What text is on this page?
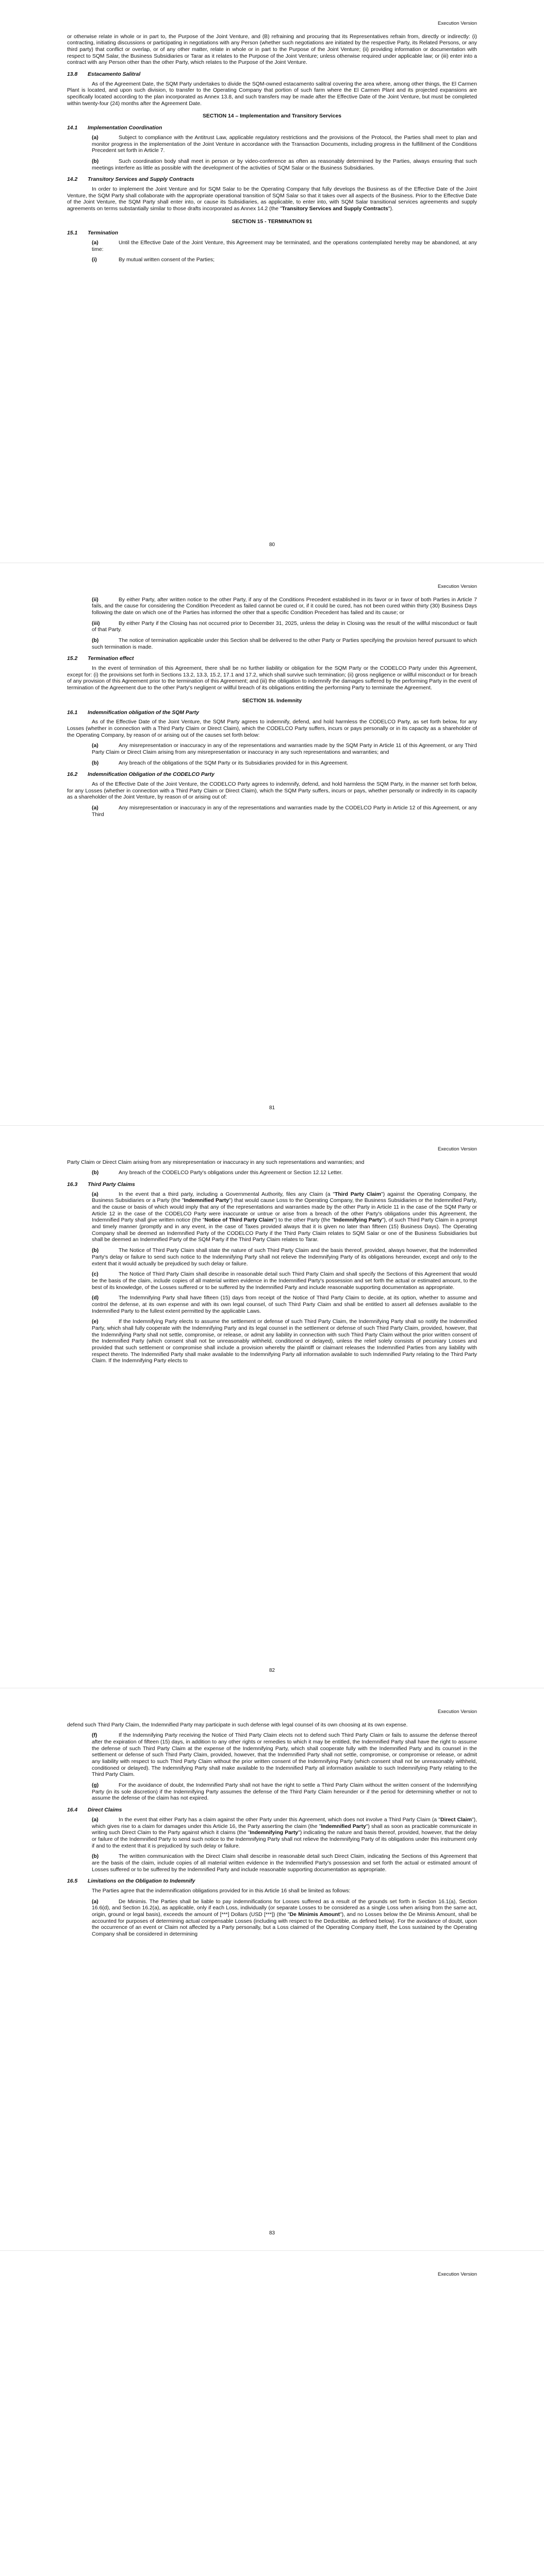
Execution Version

or otherwise relate in whole or in part to, the Purpose of the Joint Venture, and (B) refraining and procuring that its Representatives refrain from, directly or indirectly: (i) contracting, initiating discussions or participating in negotiations with any Person (whether such negotiations are initiated by the respective Party, its Related Persons, or any third party) that conflict or overlap, or of any other matter, relate in whole or in part to the Purpose of the Joint Venture; (ii) providing information or documentation with respect to SQM Salar, the Business Subsidiaries or Tarar as it relates to the Purpose of the Joint Venture; unless otherwise required under applicable law; or (iii) enter into a contract with any Person other than the other Party, which relates to the Purpose of the Joint Venture.

13.8 Estacamento Salitral

As of the Agreement Date, the SQM Party undertakes to divide the SQM-owned estacamento salitral covering the area where, among other things, the El Carmen Plant is located, and upon such division, to transfer to the Operating Company that portion of such farm where the El Carmen Plant and its projected expansions are specifically located according to the plan incorporated as Annex 13.8, and such transfers may be made after the Effective Date of the Joint Venture, but must be completed within twenty-four (24) months after the Agreement Date.

SECTION 14 – Implementation and Transitory Services
14.1 Implementation Coordination

(a)	Subject to compliance with the Antitrust Law, applicable regulatory restrictions and the provisions of the Protocol, the Parties shall meet to plan and monitor progress in the implementation of the Joint Venture in accordance with the Transaction Documents, including progress in the fulfillment of the Conditions Precedent set forth in Article 7.

(b)	Such coordination body shall meet in person or by video-conference as often as reasonably determined by the Parties, always ensuring that such meetings interfere as little as possible with the development of the activities of SQM Salar or the Business Subsidiaries.

14.2 Transitory Services and Supply Contracts

In order to implement the Joint Venture and for SQM Salar to be the Operating Company that fully develops the Business as of the Effective Date of the Joint Venture, the SQM Party shall collaborate with the appropriate operational transition of SQM Salar so that it takes over all aspects of the Business. Prior to the Effective Date of the Joint Venture, the SQM Party shall enter into, or cause its Subsidiaries, as applicable, to enter into, with SQM Salar transitional services agreements and supply agreements on terms substantially similar to those drafts incorporated as Annex 14.2 (the "Transitory Services and Supply Contracts").

SECTION 15 - TERMINATION 91
15.1 Termination

(a)	Until the Effective Date of the Joint Venture, this Agreement may be terminated, and the operations contemplated hereby may be abandoned, at any time:

(i)	By mutual written consent of the Parties;

80
Execution Version

(ii)	By either Party, after written notice to the other Party, if any of the Conditions Precedent established in its favor or in favor of both Parties in Article 7 fails, and the cause for considering the Condition Precedent as failed cannot be cured or, if it could be cured, has not been cured within thirty (30) Business Days following the date on which one of the Parties has informed the other that a specific Condition Precedent has failed and its cause; or

(iii)	By either Party if the Closing has not occurred prior to December 31, 2025, unless the delay in Closing was the result of the willful misconduct or fault of that Party.

(b)	The notice of termination applicable under this Section shall be delivered to the other Party or Parties specifying the provision hereof pursuant to which such termination is made.

15.2 Termination effect

In the event of termination of this Agreement, there shall be no further liability or obligation for the SQM Party or the CODELCO Party under this Agreement, except for: (i) the provisions set forth in Sections 13.2, 13.3, 15.2, 17.1 and 17.2, which shall survive such termination; (ii) gross negligence or willful misconduct or for breach of any provision of this Agreement prior to the termination of this Agreement; and (iii) the obligation to indemnify the damages suffered by the performing Party in the event of termination of the Agreement due to the other Party's negligent or willful breach of its obligations entitling the performing Party to terminate the Agreement.

SECTION 16. Indemnity
16.1 Indemnification obligation of the SQM Party

As of the Effective Date of the Joint Venture, the SQM Party agrees to indemnify, defend, and hold harmless the CODELCO Party, as set forth below, for any Losses (whether in connection with a Third Party Claim or Direct Claim), which the CODELCO Party suffers, incurs or pays personally or in its capacity as a shareholder of the Operating Company, by reason of or arising out of the causes set forth below:

(a)	Any misrepresentation or inaccuracy in any of the representations and warranties made by the SQM Party in Article 11 of this Agreement, or any Third Party Claim or Direct Claim arising from any misrepresentation or inaccuracy in any such representations and warranties; and

(b)	Any breach of the obligations of the SQM Party or its Subsidiaries provided for in this Agreement.

16.2 Indemnification Obligation of the CODELCO Party

As of the Effective Date of the Joint Venture, the CODELCO Party agrees to indemnify, defend, and hold harmless the SQM Party, in the manner set forth below, for any Losses (whether in connection with a Third Party Claim or Direct Claim), which the SQM Party suffers, incurs or pays, whether personally or indirectly in its capacity as a shareholder of the Joint Venture, by reason of or arising out of:

(a)	Any misrepresentation or inaccuracy in any of the representations and warranties made by the CODELCO Party in Article 12 of this Agreement, or any Third

81
Execution Version

Party Claim or Direct Claim arising from any misrepresentation or inaccuracy in any such representations and warranties; and

(b)	Any breach of the CODELCO Party's obligations under this Agreement or Section 12.12 Letter.

16.3 Third Party Claims

(a)	In the event that a third party, including a Governmental Authority, files any Claim (a "Third Party Claim") against the Operating Company, the Business Subsidiaries or a Party (the "Indemnified Party") that would cause Loss to the Operating Company, the Business Subsidiaries or the Indemnified Party, and the cause or basis of which would imply that any of the representations and warranties made by the other Party in Article 11 in the case of the SQM Party or Article 12 in the case of the CODELCO Party were inaccurate or untrue or arise from a breach of the other Party's obligations under this Agreement, the Indemnified Party shall give written notice (the "Notice of Third Party Claim") to the other Party (the "Indemnifying Party"), of such Third Party Claim in a prompt and timely manner (promptly and in any event, in the case of Taxes provided always that it is given no later than fifteen (15) Business Days). The Operating Company shall be deemed an Indemnified Party of the CODELCO Party if the Third Party Claim relates to SQM Salar or one of the Business Subsidiaries but shall be deemed an Indemnified Party of the SQM Party if the Third Party Claim relates to Tarar.

(b)	The Notice of Third Party Claim shall state the nature of such Third Party Claim and the basis thereof, provided, always however, that the Indemnified Party's delay or failure to send such notice to the Indemnifying Party shall not relieve the Indemnifying Party of its obligations hereunder, except and only to the extent that it would actually be prejudiced by such delay or failure.

(c)	The Notice of Third Party Claim shall describe in reasonable detail such Third Party Claim and shall specify the Sections of this Agreement that would be the basis of the claim, include copies of all material written evidence in the Indemnified Party's possession and set forth the actual or estimated amount, to the best of its knowledge, of the Losses suffered or to be suffered by the Indemnified Party and include reasonable supporting documentation as appropriate.

(d)	The Indemnifying Party shall have fifteen (15) days from receipt of the Notice of Third Party Claim to decide, at its option, whether to assume and control the defense, at its own expense and with its own legal counsel, of such Third Party Claim and shall be entitled to assert all defenses available to the Indemnified Party to the fullest extent permitted by the applicable Laws.

(e)	If the Indemnifying Party elects to assume the settlement or defense of such Third Party Claim, the Indemnifying Party shall so notify the Indemnified Party, which shall fully cooperate with the Indemnifying Party and its legal counsel in the settlement or defense of such Third Party Claim, provided, however, that the Indemnifying Party shall not settle, compromise, or release, or admit any liability in connection with such Third Party Claim without the prior written consent of the Indemnified Party (which consent shall not be unreasonably withheld, conditioned or delayed), unless the relief solely consists of pecuniary Losses and provided that such settlement or compromise shall include a provision whereby the plaintiff or claimant releases the Indemnified Parties from any liability with respect thereto. The Indemnified Party shall make available to the Indemnifying Party all information available to such Indemnified Party relating to the Third Party Claim. If the Indemnifying Party elects to

82
Execution Version

defend such Third Party Claim, the Indemnified Party may participate in such defense with legal counsel of its own choosing at its own expense.

(f)	If the Indemnifying Party receiving the Notice of Third Party Claim elects not to defend such Third Party Claim or fails to assume the defense thereof after the expiration of fifteen (15) days, in addition to any other rights or remedies to which it may be entitled, the Indemnified Party shall have the right to assume the defense of such Third Party Claim at the expense of the Indemnifying Party, which shall cooperate fully with the Indemnified Party and its counsel in the settlement or defense of such Third Party Claim, provided, however, that the Indemnified Party shall not settle, compromise, or compromise or release, or admit any liability with respect to such Third Party Claim without the prior written consent of the Indemnifying Party (which consent shall not be unreasonably withheld, conditioned or delayed). The Indemnifying Party shall make available to the Indemnified Party all information available to such Indemnifying Party relating to the Third Party Claim.

(g)	For the avoidance of doubt, the Indemnified Party shall not have the right to settle a Third Party Claim without the written consent of the Indemnifying Party (in its sole discretion) if the Indemnifying Party assumes the defense of the Third Party Claim hereunder or if the period for determining whether or not to assume the defense of the claim has not expired.

16.4 Direct Claims

(a)	In the event that either Party has a claim against the other Party under this Agreement, which does not involve a Third Party Claim (a "Direct Claim"), which gives rise to a claim for damages under this Article 16, the Party asserting the claim (the "Indemnified Party") shall as soon as practicable communicate in writing such Direct Claim to the Party against which it claims (the "Indemnifying Party") indicating the nature and basis thereof, provided, however, that the delay or failure of the Indemnified Party to send such notice to the Indemnifying Party shall not relieve the Indemnifying Party of its obligations under this instrument only if and to the extent that it is prejudiced by such delay or failure.

(b)	The written communication with the Direct Claim shall describe in reasonable detail such Direct Claim, indicating the Sections of this Agreement that are the basis of the claim, include copies of all material written evidence in the Indemnified Party's possession and set forth the actual or estimated amount of Losses suffered or to be suffered by the Indemnified Party and include reasonable supporting documentation as appropriate.

16.5 Limitations on the Obligation to Indemnify

The Parties agree that the indemnification obligations provided for in this Article 16 shall be limited as follows:

(a)	De Minimis. The Parties shall be liable to pay indemnifications for Losses suffered as a result of the grounds set forth in Section 16.1(a), Section 16.6(d), and Section 16.2(a), as applicable, only if each Loss, individually (or separate Losses to be considered as a single Loss when arising from the same act, origin, ground or legal basis), exceeds the amount of [***] Dollars (USD [***]) (the "De Minimis Amount"), and no Losses below the De Minimis Amount, shall be accounted for purposes of determining actual compensable Losses (including with respect to the Deductible, as defined below). For the avoidance of doubt, upon the occurrence of an event or Claim not affected by a Party personally, but a Loss claimed of the Operating Company itself, the Loss sustained by the Operating Company shall be considered in determining

83
Execution Version
